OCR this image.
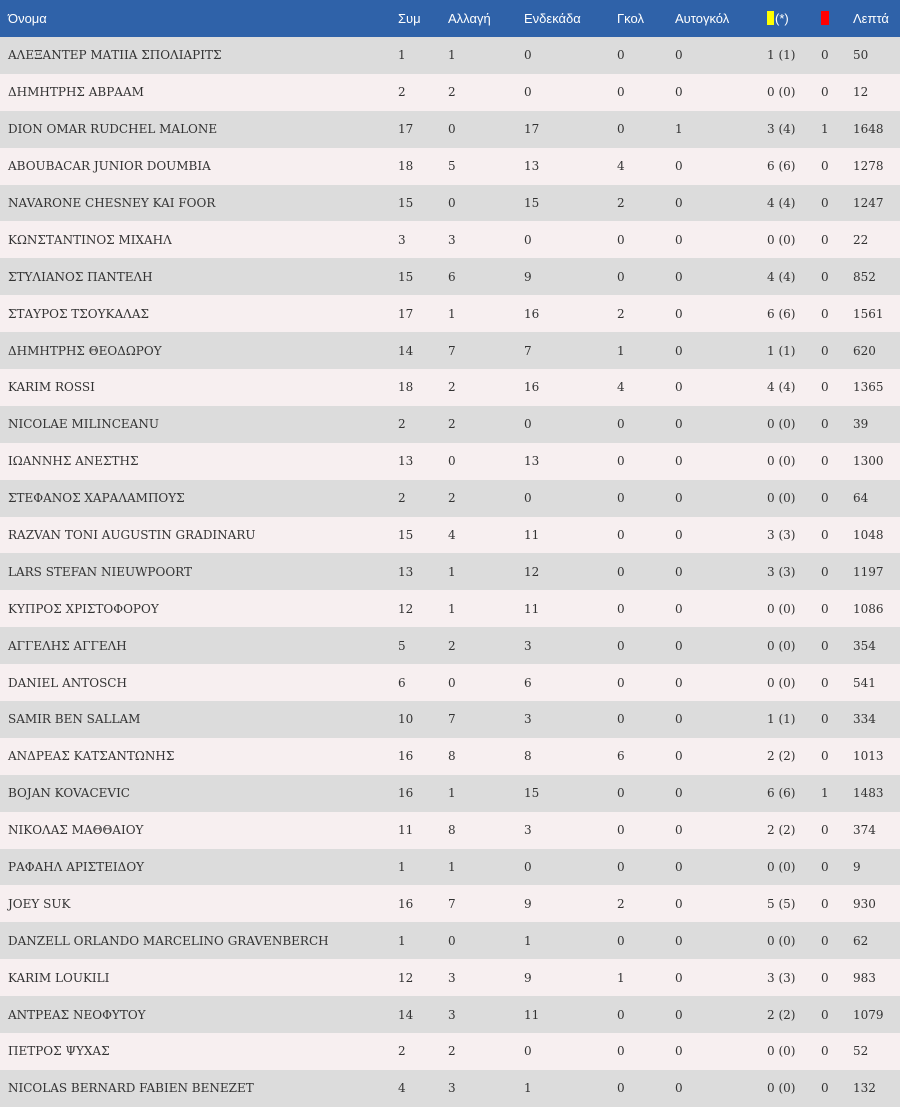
Όνομα	Συμ	Αλλαγή	Ενδεκάδα	Γκολ	Αυτογκόλ	(*)		Λεπτά
ΑΛΕΞΑΝΤΕΡ ΜΑΤΙΙΑ ΣΠΟΛΙΑΡΙΤΣ	1	1	0	0	0	1 (1)	0	50
ΔΗΜΗΤΡΗΣ ΑΒΡΑΑΜ	2	2	0	0	0	0 (0)	0	12
DION OMAR RUDCHEL MALONE	17	0	17	0	1	3 (4)	1	1648
ABOUBACAR JUNIOR DOUMBIA	18	5	13	4	0	6 (6)	0	1278
NAVARONE CHESNEY KAI FOOR	15	0	15	2	0	4 (4)	0	1247
ΚΩΝΣΤΑΝΤΙΝΟΣ ΜΙΧΑΗΛ	3	3	0	0	0	0 (0)	0	22
ΣΤΥΛΙΑΝΟΣ ΠΑΝΤΕΛΗ	15	6	9	0	0	4 (4)	0	852
ΣΤΑΥΡΟΣ ΤΣΟΥΚΑΛΑΣ	17	1	16	2	0	6 (6)	0	1561
ΔΗΜΗΤΡΗΣ ΘΕΟΔΩΡΟΥ	14	7	7	1	0	1 (1)	0	620
KARIM ROSSI	18	2	16	4	0	4 (4)	0	1365
NICOLAE MILINCEANU	2	2	0	0	0	0 (0)	0	39
ΙΩΑΝΝΗΣ ΑΝΕΣΤΗΣ	13	0	13	0	0	0 (0)	0	1300
ΣΤΕΦΑΝΟΣ ΧΑΡΑΛΑΜΠΟΥΣ	2	2	0	0	0	0 (0)	0	64
RAZVAN TONI AUGUSTIN GRADINARU	15	4	11	0	0	3 (3)	0	1048
LARS STEFAN NIEUWPOORT	13	1	12	0	0	3 (3)	0	1197
ΚΥΠΡΟΣ ΧΡΙΣΤΟΦΟΡΟΥ	12	1	11	0	0	0 (0)	0	1086
ΑΓΓΕΛΗΣ ΑΓΓΕΛΗ	5	2	3	0	0	0 (0)	0	354
DANIEL ANTOSCH	6	0	6	0	0	0 (0)	0	541
SAMIR BEN SALLAM	10	7	3	0	0	1 (1)	0	334
ΑΝΔΡΕΑΣ ΚΑΤΣΑΝΤΩΝΗΣ	16	8	8	6	0	2 (2)	0	1013
BOJAN KOVACEVIC	16	1	15	0	0	6 (6)	1	1483
ΝΙΚΟΛΑΣ ΜΑΘΘΑΙΟΥ	11	8	3	0	0	2 (2)	0	374
ΡΑΦΑΗΛ ΑΡΙΣΤΕΙΔΟΥ	1	1	0	0	0	0 (0)	0	9
JOEY SUK	16	7	9	2	0	5 (5)	0	930
DANZELL ORLANDO MARCELINO GRAVENBERCH	1	0	1	0	0	0 (0)	0	62
KARIM LOUKILI	12	3	9	1	0	3 (3)	0	983
ΑΝΤΡΕΑΣ ΝΕΟΦΥΤΟΥ	14	3	11	0	0	2 (2)	0	1079
ΠΕΤΡΟΣ ΨΥΧΑΣ	2	2	0	0	0	0 (0)	0	52
NICOLAS BERNARD FABIEN BENEZET	4	3	1	0	0	0 (0)	0	132
